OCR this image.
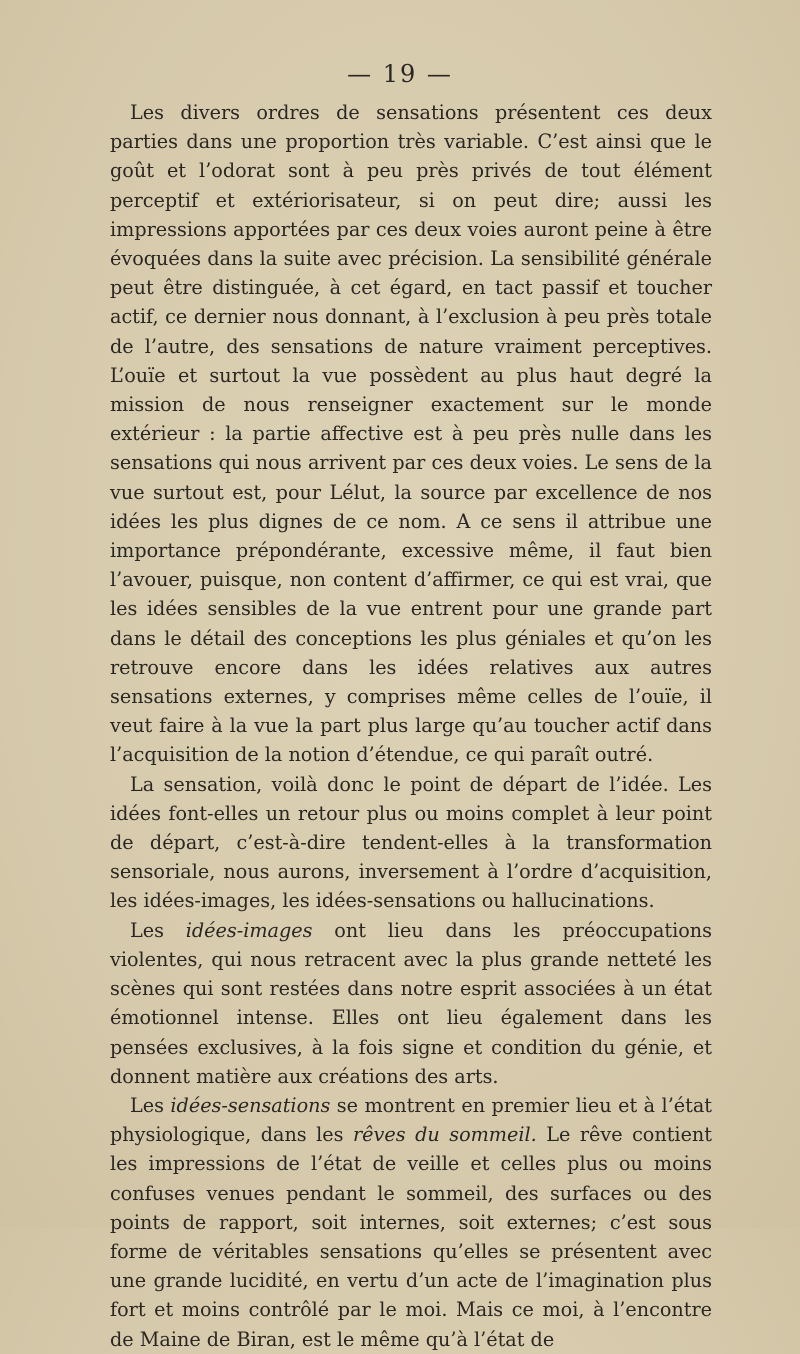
— 19 —

Les divers ordres de sensations présentent ces deux parties dans une proportion très variable. C’est ainsi que le goût et l’odorat sont à peu près privés de tout élément perceptif et extériorisateur, si on peut dire; aussi les impressions apportées par ces deux voies auront peine à être évoquées dans la suite avec précision. La sensibilité générale peut être distinguée, à cet égard, en tact passif et toucher actif, ce dernier nous donnant, à l’exclusion à peu près totale de l’autre, des sensations de nature vraiment perceptives. L’ouïe et surtout la vue possèdent au plus haut degré la mission de nous renseigner exactement sur le monde extérieur : la partie affective est à peu près nulle dans les sensations qui nous arrivent par ces deux voies. Le sens de la vue surtout est, pour Lélut, la source par excellence de nos idées les plus dignes de ce nom. A ce sens il attribue une importance prépondérante, excessive même, il faut bien l’avouer, puisque, non content d’affirmer, ce qui est vrai, que les idées sensibles de la vue entrent pour une grande part dans le détail des conceptions les plus géniales et qu’on les retrouve encore dans les idées relatives aux autres sensations externes, y comprises même celles de l’ouïe, il veut faire à la vue la part plus large qu’au toucher actif dans l’acquisition de la notion d’étendue, ce qui paraît outré.

La sensation, voilà donc le point de départ de l’idée. Les idées font-elles un retour plus ou moins complet à leur point de départ, c’est-à-dire tendent-elles à la transformation sensoriale, nous aurons, inversement à l’ordre d’acquisition, les idées-images, les idées-sensations ou hallucinations.

Les idées-images ont lieu dans les préoccupations violentes, qui nous retracent avec la plus grande netteté les scènes qui sont restées dans notre esprit associées à un état émotionnel intense. Elles ont lieu également dans les pensées exclusives, à la fois signe et condition du génie, et donnent matière aux créations des arts.

Les idées-sensations se montrent en premier lieu et à l’état physiologique, dans les rêves du sommeil. Le rêve contient les impressions de l’état de veille et celles plus ou moins confuses venues pendant le sommeil, des surfaces ou des points de rapport, soit internes, soit externes; c’est sous forme de véritables sensations qu’elles se présentent avec une grande lucidité, en vertu d’un acte de l’imagination plus fort et moins contrôlé par le moi. Mais ce moi, à l’encontre de Maine de Biran, est le même qu’à l’état de
